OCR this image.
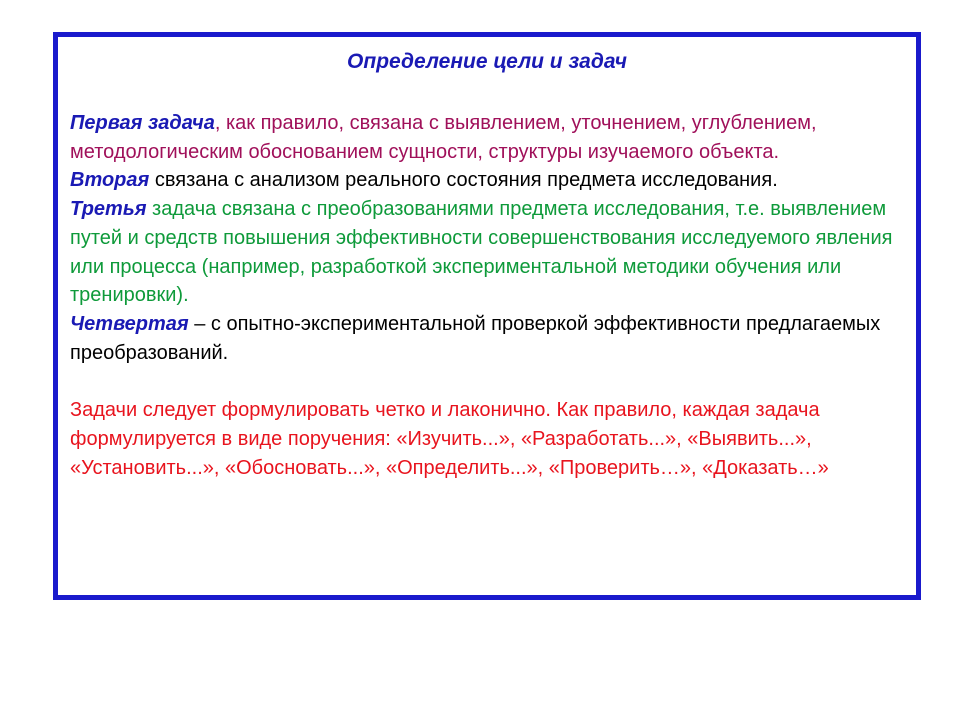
Определение цели и задач

Первая задача, как правило, связана с выявлением, уточнением, углублением, методологическим обоснованием сущности, структуры изучаемого объекта.

Вторая связана с анализом реального состояния предмета исследования.

Третья задача связана с преобразованиями предмета исследования, т.е. выявлением путей и средств повышения эффективности совершенствования исследуемого явления или процесса (например, разработкой экспериментальной методики обучения или тренировки).

Четвертая – с опытно-экспериментальной проверкой эффективности предлагаемых преобразований.

Задачи следует формулировать четко и лаконично. Как правило, каждая задача формулируется в виде поручения: «Изучить...», «Разработать...», «Выявить...», «Установить...», «Обосновать...», «Определить...», «Проверить…», «Доказать…»
